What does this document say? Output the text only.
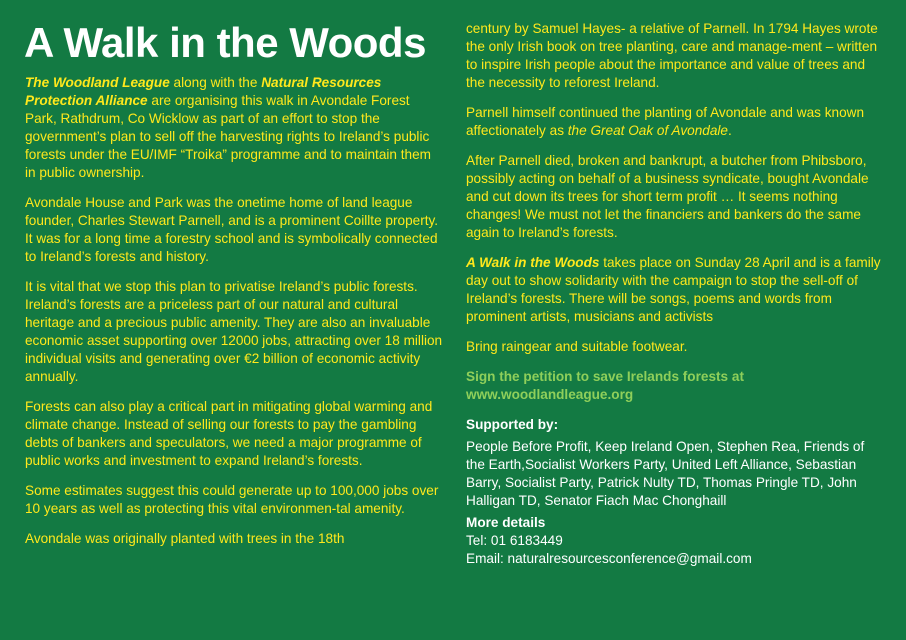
A Walk in the Woods

The Woodland League along with the Natural Resources Protection Alliance are organising this walk in Avondale Forest Park, Rathdrum, Co Wicklow as part of an effort to stop the government’s plan to sell off the harvesting rights to Ireland’s public forests under the EU/IMF “Troika” programme and to maintain them in public ownership.

Avondale House and Park was the onetime home of land league founder, Charles Stewart Parnell, and is a prominent Coillte property. It was for a long time a forestry school and is symbolically connected to Ireland’s forests and history.

It is vital that we stop this plan to privatise Ireland’s public forests. Ireland’s forests are a priceless part of our natural and cultural heritage and a precious public amenity. They are also an invaluable economic asset supporting over 12000 jobs, attracting over 18 million individual visits and generating over €2 billion of economic activity annually.

Forests can also play a critical part in mitigating global warming and climate change. Instead of selling our forests to pay the gambling debts of bankers and speculators, we need a major programme of public works and investment to expand Ireland’s forests.

Some estimates suggest this could generate up to 100,000 jobs over 10 years as well as protecting this vital environmen-tal amenity.

Avondale was originally planted with trees in the 18th

century by Samuel Hayes- a relative of Parnell. In 1794 Hayes wrote the only Irish book on tree planting, care and manage-ment – written to inspire Irish people about the importance and value of trees and the necessity to reforest Ireland.

Parnell himself continued the planting of Avondale and was known affectionately as the Great Oak of Avondale.

After Parnell died, broken and bankrupt, a butcher from Phibsboro, possibly acting on behalf of a business syndicate, bought Avondale and cut down its trees for short term profit … It seems nothing changes! We must not let the financiers and bankers do the same again to Ireland’s forests.

A Walk in the Woods takes place on Sunday 28 April and is a family day out to show solidarity with the campaign to stop the sell-off of Ireland’s forests. There will be songs, poems and words from prominent artists, musicians and activists

Bring raingear and suitable footwear.

Sign the petition to save Irelands forests at
www.woodlandleague.org

Supported by:

People Before Profit, Keep Ireland Open, Stephen Rea, Friends of the Earth,Socialist Workers Party, United Left Alliance, Sebastian Barry, Socialist Party, Patrick Nulty TD, Thomas Pringle TD, John Halligan TD, Senator Fiach Mac Chonghaill

More details

Tel: 01 6183449
Email: naturalresourcesconference@gmail.com
